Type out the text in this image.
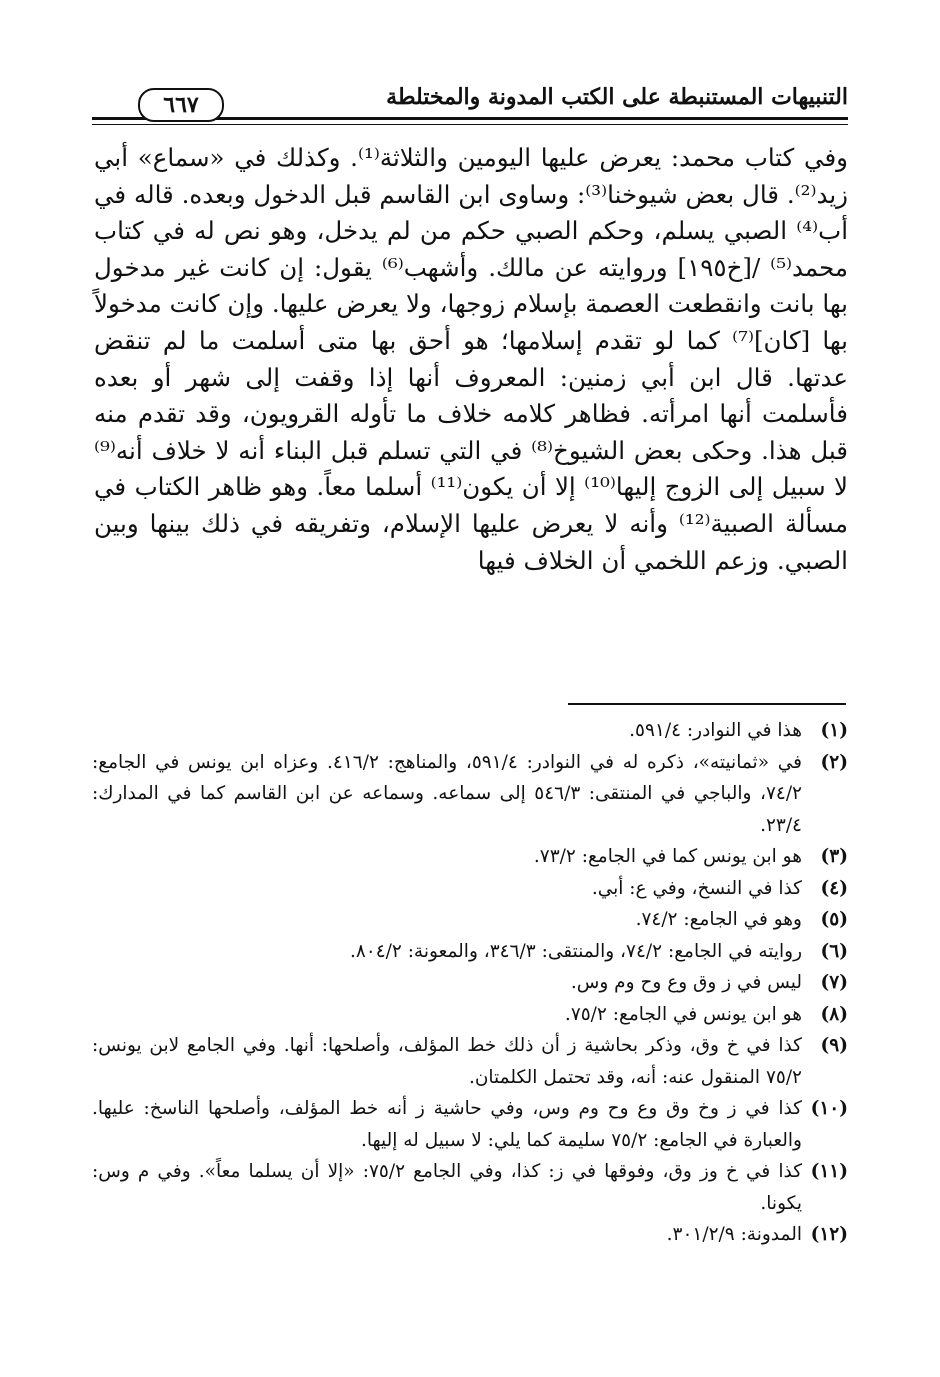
التنبيهات المستنبطة على الكتب المدونة والمختلطة
٦٦٧

وفي كتاب محمد: يعرض عليها اليومين والثلاثة⁽¹⁾. وكذلك في «سماع» أبي زيد⁽²⁾. قال بعض شيوخنا⁽³⁾: وساوى ابن القاسم قبل الدخول وبعده. قاله في أب⁽⁴⁾ الصبي يسلم، وحكم الصبي حكم من لم يدخل، وهو نص له في كتاب محمد⁽⁵⁾ /[خ١٩٥] وروايته عن مالك. وأشهب⁽⁶⁾ يقول: إن كانت غير مدخول بها بانت وانقطعت العصمة بإسلام زوجها، ولا يعرض عليها. وإن كانت مدخولاً بها [كان]⁽⁷⁾ كما لو تقدم إسلامها؛ هو أحق بها متى أسلمت ما لم تنقض عدتها. قال ابن أبي زمنين: المعروف أنها إذا وقفت إلى شهر أو بعده فأسلمت أنها امرأته. فظاهر كلامه خلاف ما تأوله القرويون، وقد تقدم منه قبل هذا. وحكى بعض الشيوخ⁽⁸⁾ في التي تسلم قبل البناء أنه لا خلاف أنه⁽⁹⁾ لا سبيل إلى الزوج إليها⁽¹⁰⁾ إلا أن يكون⁽¹¹⁾ أسلما معاً. وهو ظاهر الكتاب في مسألة الصبية⁽¹²⁾ وأنه لا يعرض عليها الإسلام، وتفريقه في ذلك بينها وبين الصبي. وزعم اللخمي أن الخلاف فيها

(١)
هذا في النوادر: ٥٩١/٤.
(٢)
في «ثمانيته»، ذكره له في النوادر: ٥٩١/٤، والمناهج: ٤١٦/٢. وعزاه ابن يونس في الجامع: ٧٤/٢، والباجي في المنتقى: ٥٤٦/٣ إلى سماعه. وسماعه عن ابن القاسم كما في المدارك: ٢٣/٤.
(٣)
هو ابن يونس كما في الجامع: ٧٣/٢.
(٤)
كذا في النسخ، وفي ع: أبي.
(٥)
وهو في الجامع: ٧٤/٢.
(٦)
روايته في الجامع: ٧٤/٢، والمنتقى: ٣٤٦/٣، والمعونة: ٨٠٤/٢.
(٧)
ليس في ز وق وع وح وم وس.
(٨)
هو ابن يونس في الجامع: ٧٥/٢.
(٩)
كذا في خ وق، وذكر بحاشية ز أن ذلك خط المؤلف، وأصلحها: أنها. وفي الجامع لابن يونس: ٧٥/٢ المنقول عنه: أنه، وقد تحتمل الكلمتان.
(١٠)
كذا في ز وخ وق وع وح وم وس، وفي حاشية ز أنه خط المؤلف، وأصلحها الناسخ: عليها. والعبارة في الجامع: ٧٥/٢ سليمة كما يلي: لا سبيل له إليها.
(١١)
كذا في خ وز وق، وفوقها في ز: كذا، وفي الجامع ٧٥/٢: «إلا أن يسلما معاً». وفي م وس: يكونا.
(١٢)
المدونة: ٣٠١/٢/٩.
